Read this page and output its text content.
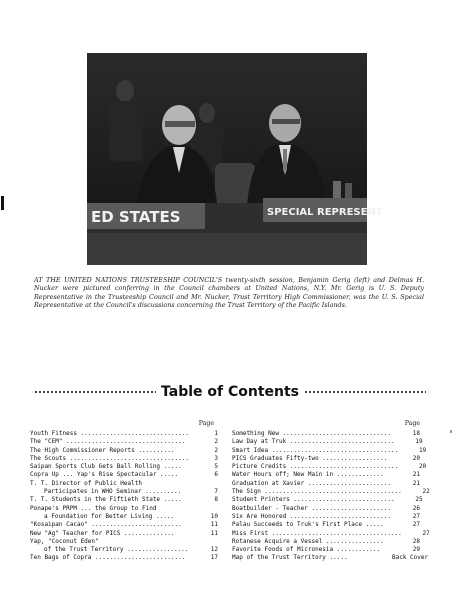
ED STATES	SPECIAL REPRESENT
AT THE UNITED NATIONS TRUSTEESHIP COUNCIL'S twenty-sixth session, Benjamin Gerig (left) and Delmas H. Nucker were pictured conferring in the Council chambers at United Nations, N.Y. Mr. Gerig is U. S. Deputy Representative in the Trusteeship Council and Mr. Nucker, Trust Territory High Commissioner, was the U. S. Special Representative at the Council's discussions concerning the Trust Territory of the Pacific Islands.
Table of Contents
Page
Youth Fitness ..............................	1
The "CEM" .................................	2
The High Commissioner Reports ..........	2
The Scouts .................................	3
Saipan Sports Club Gets Ball Rolling .....	5
Copra Up ... Yap's Rise Spectacular .....	6
T. T. Director of Public Health
Participates in WHO Seminar ..........	7
T. T. Students in the Fiftieth State .....	8
Ponape's PRPM ... the Group to Find
a Foundation for Better Living .....	10
"Kosaipan Cacao" .........................	11
New "Ag" Teacher for PICS ..............	11
Yap, "Coconut Eden"
of the Trust Territory .................	12
Ten Bags of Copra .........................	17
Page
Something New ..............................	18
Law Day at Truk .............................	19
Smart Idea ...................................	19
PICS Graduates Fifty-two ..................	20
Picture Credits ..............................	20
Water Hours off; New Main in .............	21
Graduation at Xavier .......................	21
The Sign ......................................	22
Student Printers ............................	25
Boatbuilder - Teacher ......................	26
Six Are Honored ............................	27
Palau Succeeds to Truk's First Place .....	27
Miss First ....................................	27
Rotanese Acquire a Vessel ................	28
Favorite Foods of Micronesia ............	29
Map of the Trust Territory .....	Back Cover
